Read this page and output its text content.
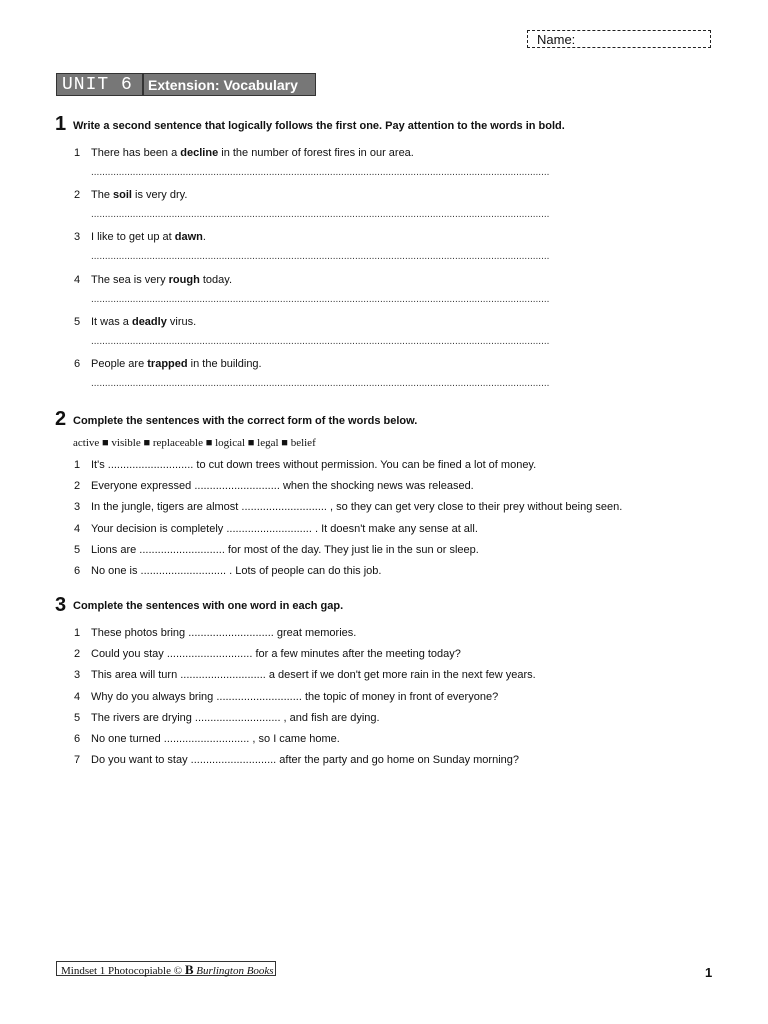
Name:
UNIT 6 Extension: Vocabulary
1 Write a second sentence that logically follows the first one. Pay attention to the words in bold.
1 There has been a decline in the number of forest fires in our area.
.....................................................................................................................................................................
2 The soil is very dry.
.....................................................................................................................................................................
3 I like to get up at dawn.
.....................................................................................................................................................................
4 The sea is very rough today.
.....................................................................................................................................................................
5 It was a deadly virus.
.....................................................................................................................................................................
6 People are trapped in the building.
.....................................................................................................................................................................
2 Complete the sentences with the correct form of the words below.
active ■ visible ■ replaceable ■ logical ■ legal ■ belief
1 It's ............................ to cut down trees without permission. You can be fined a lot of money.
2 Everyone expressed ............................ when the shocking news was released.
3 In the jungle, tigers are almost ............................ , so they can get very close to their prey without being seen.
4 Your decision is completely ............................ . It doesn't make any sense at all.
5 Lions are ............................ for most of the day. They just lie in the sun or sleep.
6 No one is ............................ . Lots of people can do this job.
3 Complete the sentences with one word in each gap.
1 These photos bring ............................ great memories.
2 Could you stay ............................ for a few minutes after the meeting today?
3 This area will turn ............................ a desert if we don't get more rain in the next few years.
4 Why do you always bring ............................ the topic of money in front of everyone?
5 The rivers are drying ............................ , and fish are dying.
6 No one turned ............................ , so I came home.
7 Do you want to stay ............................ after the party and go home on Sunday morning?
Mindset 1 Photocopiable © B Burlington Books	1
